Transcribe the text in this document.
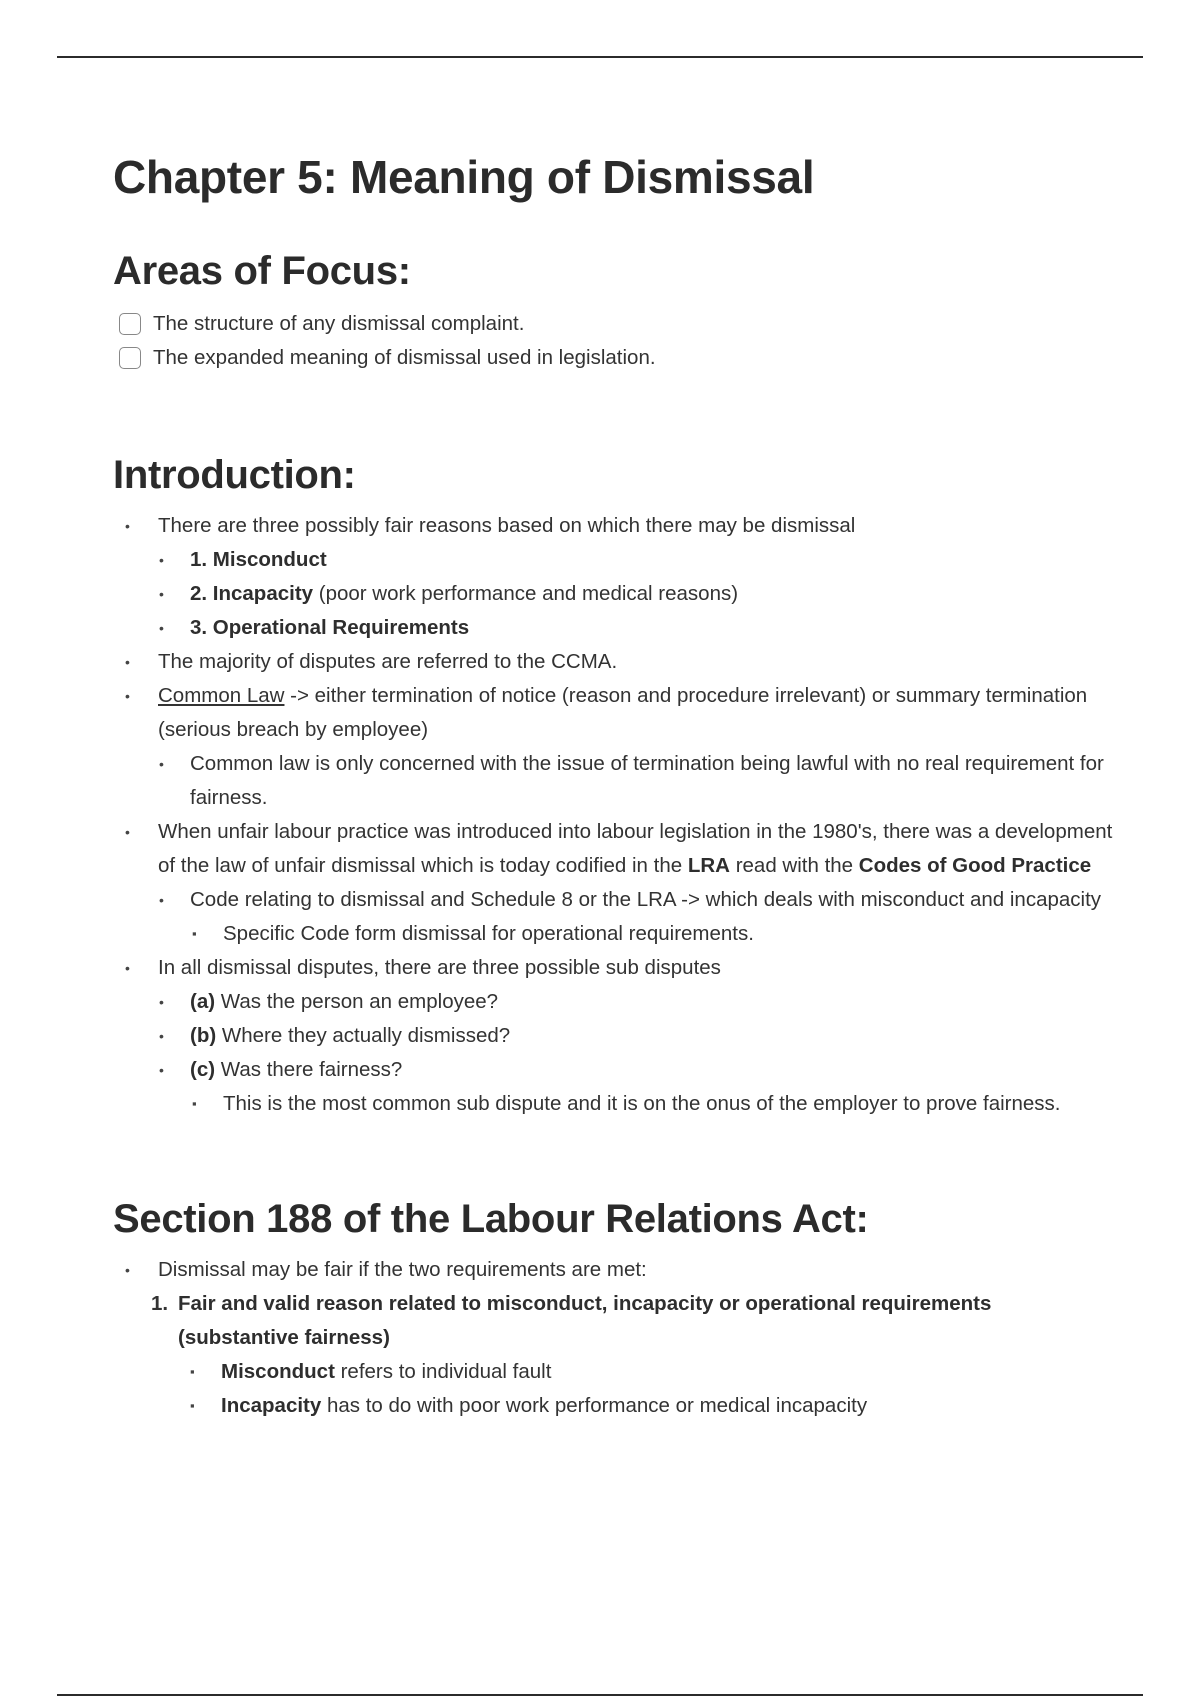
Chapter 5: Meaning of Dismissal
Areas of Focus:
The structure of any dismissal complaint.
The expanded meaning of dismissal used in legislation.
Introduction:
• There are three possibly fair reasons based on which there may be dismissal
• 1. Misconduct
• 2. Incapacity (poor work performance and medical reasons)
• 3. Operational Requirements
• The majority of disputes are referred to the CCMA.
• Common Law -> either termination of notice (reason and procedure irrelevant) or summary termination (serious breach by employee)
• Common law is only concerned with the issue of termination being lawful with no real requirement for fairness.
• When unfair labour practice was introduced into labour legislation in the 1980's, there was a development of the law of unfair dismissal which is today codified in the LRA read with the Codes of Good Practice
• Code relating to dismissal and Schedule 8 or the LRA -> which deals with misconduct and incapacity
▪ Specific Code form dismissal for operational requirements.
• In all dismissal disputes, there are three possible sub disputes
• (a) Was the person an employee?
• (b) Where they actually dismissed?
• (c) Was there fairness?
▪ This is the most common sub dispute and it is on the onus of the employer to prove fairness.
Section 188 of the Labour Relations Act:
• Dismissal may be fair if the two requirements are met:
1. Fair and valid reason related to misconduct, incapacity or operational requirements (substantive fairness)
▪ Misconduct refers to individual fault
▪ Incapacity has to do with poor work performance or medical incapacity
